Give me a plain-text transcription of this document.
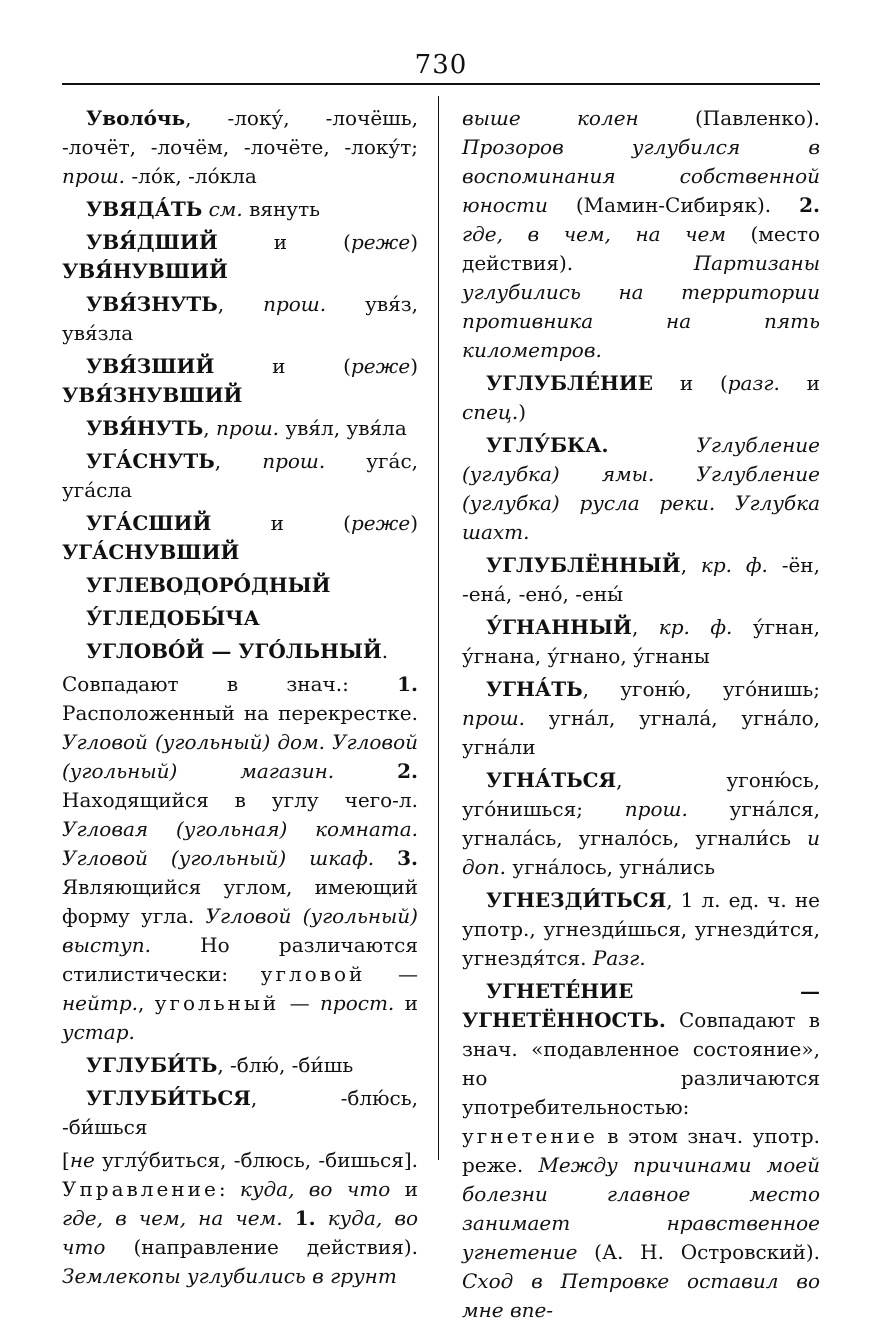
730

Уволо́чь, -локу́, -лочёшь, -лочёт, -лочём, -лочёте, -локу́т; прош. -ло́к, -ло́кла

УВЯДА́ТЬ см. вянуть

УВЯ́ДШИЙ и (реже) УВЯ́НУВШИЙ

УВЯ́ЗНУТЬ, прош. увя́з, увя́зла

УВЯ́ЗШИЙ и (реже) УВЯ́ЗНУВШИЙ

УВЯ́НУТЬ, прош. увя́л, увя́ла

УГА́СНУТЬ, прош. уга́с, уга́сла

УГА́СШИЙ и (реже) УГА́СНУВШИЙ

УГЛЕВОДОРО́ДНЫЙ

У́ГЛЕДОБЫ́ЧА

УГЛОВО́Й — УГО́ЛЬНЫЙ.

Совпадают в знач.: 1. Расположенный на перекрестке. Угловой (угольный) дом. Угловой (угольный) магазин.	2. Находящийся в углу чего-л. Угловая (угольная) комната. Угловой (угольный) шкаф. 3. Являющийся углом, имеющий форму угла. Угловой (угольный) выступ. Но различаются стилистически: угловой — нейтр., угольный — прост. и устар.

УГЛУБИ́ТЬ, -блю́, -би́шь

УГЛУБИ́ТЬСЯ, -блю́сь, -би́шься

[не углу́биться, -блюсь, -бишься]. Управление: куда, во что и где, в чем, на чем. 1. куда, во что (направление действия). Землекопы углубились в грунт

выше колен (Павленко). Прозоров углубился в воспоминания собственной юности (Мамин-Сибиряк). 2. где, в чем, на чем (место действия). Партизаны углубились на территории противника на пять километров.

УГЛУБЛЕ́НИЕ и (разг. и спец.)

УГЛУ́БКА.	Углубление (углубка) ямы. Углубление (углубка) русла реки. Углубка шахт.

УГЛУБЛЁННЫЙ, кр. ф. -ён, -ена́, -ено́, -ены́

У́ГНАННЫЙ, кр. ф. у́гнан, у́гнана, у́гнано, у́гнаны

УГНА́ТЬ, угоню́, уго́нишь; прош. угна́л, угнала́, угна́ло, угна́ли

УГНА́ТЬСЯ, угоню́сь, уго́нишься; прош. угна́лся, угнала́сь, угнало́сь, угнали́сь и доп. угна́лось, угна́лись

УГНЕЗДИ́ТЬСЯ, 1 л. ед. ч. не употр., угнезди́шься, угнезди́тся, угнездя́тся. Разг.

УГНЕТЕ́НИЕ — УГНЕТЁННОСТЬ. Совпадают в знач. «подавленное состояние», но различаются употребительностью: угнетение в этом знач. употр. реже. Между причинами моей болезни главное место занимает нравственное угнетение (А. Н. Островский). Сход в Петровке оставил во мне впе-
